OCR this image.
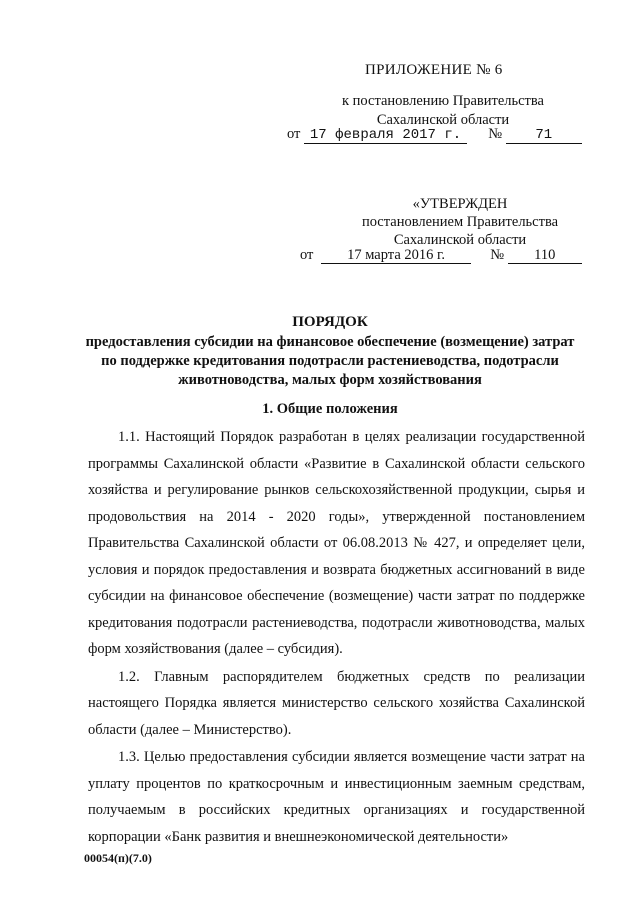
ПРИЛОЖЕНИЕ № 6
к постановлению Правительства
Сахалинской области
от 17 февраля 2017 г. № 71
«УТВЕРЖДЕН
постановлением Правительства
Сахалинской области
от 17 марта 2016 г.	№ 110
ПОРЯДОК
предоставления субсидии на финансовое обеспечение (возмещение) затрат по поддержке кредитования подотрасли растениеводства, подотрасли животноводства, малых форм хозяйствования
1. Общие положения

1.1. Настоящий Порядок разработан в целях реализации государственной программы Сахалинской области «Развитие в Сахалинской области сельского хозяйства и регулирование рынков сельскохозяйственной продукции, сырья и продовольствия на 2014 - 2020 годы», утвержденной постановлением Правительства Сахалинской области от 06.08.2013 № 427, и определяет цели, условия и порядок предоставления и возврата бюджетных ассигнований в виде субсидии на финансовое обеспечение (возмещение) части затрат по поддержке кредитования подотрасли растениеводства, подотрасли животноводства, малых форм хозяйствования (далее – субсидия).

1.2. Главным распорядителем бюджетных средств по реализации настоящего Порядка является министерство сельского хозяйства Сахалинской области (далее – Министерство).

1.3. Целью предоставления субсидии является возмещение части затрат на уплату процентов по краткосрочным и инвестиционным заемным средствам, получаемым в российских кредитных организациях и государственной корпорации «Банк развития и внешнеэкономической деятельности»

00054(п)(7.0)
